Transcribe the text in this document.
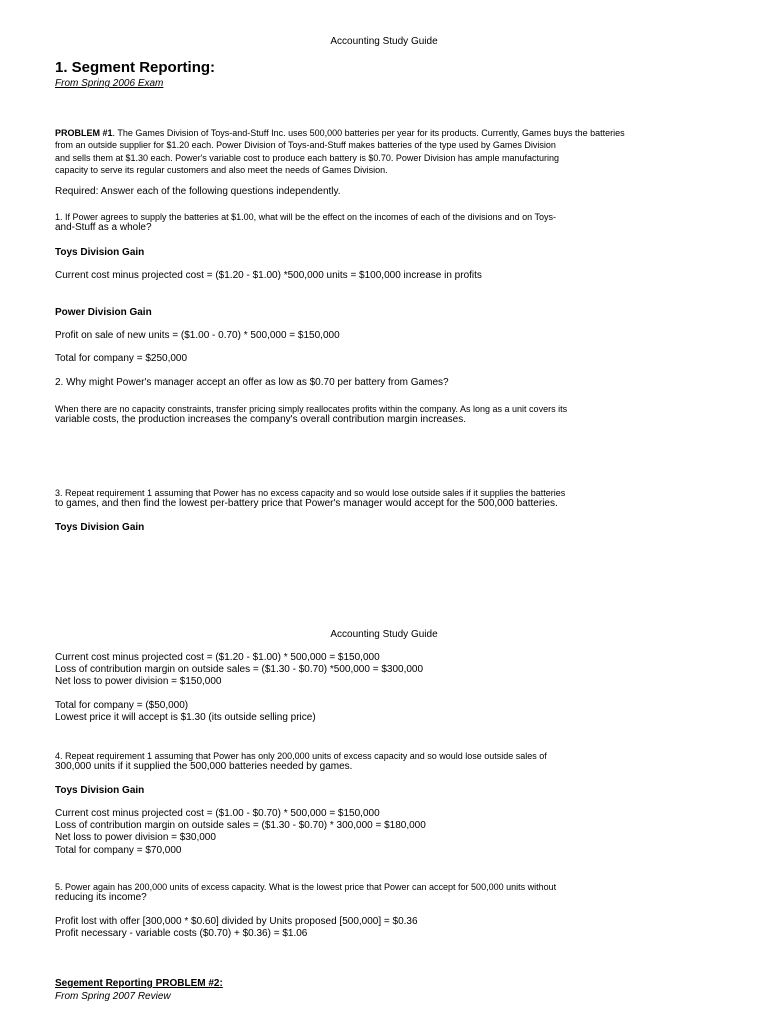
Accounting Study Guide
1. Segment Reporting:
From Spring 2006 Exam
PROBLEM #1. The Games Division of Toys-and-Stuff Inc. uses 500,000 batteries per year for its products. Currently, Games buys the batteries
from an outside supplier for $1.20 each. Power Division of Toys-and-Stuff makes batteries of the type used by Games Division
and sells them at $1.30 each. Power's variable cost to produce each battery is $0.70. Power Division has ample manufacturing
capacity to serve its regular customers and also meet the needs of Games Division.
Required: Answer each of the following questions independently.
1. If Power agrees to supply the batteries at $1.00, what will be the effect on the incomes of each of the divisions and on Toys-
and-Stuff as a whole?
Toys Division Gain
Current cost minus projected cost = ($1.20 - $1.00) *500,000 units = $100,000 increase in profits
Power Division Gain
Profit on sale of new units = ($1.00 - 0.70) * 500,000 = $150,000
Total for company = $250,000
2. Why might Power's manager accept an offer as low as $0.70 per battery from Games?
When there are no capacity constraints, transfer pricing simply reallocates profits within the company. As long as a unit covers its
variable costs, the production increases the company's overall contribution margin increases.
3. Repeat requirement 1 assuming that Power has no excess capacity and so would lose outside sales if it supplies the batteries
to games, and then find the lowest per-battery price that Power's manager would accept for the 500,000 batteries.
Toys Division Gain
Accounting Study Guide
Current cost minus projected cost = ($1.20 - $1.00) * 500,000 = $150,000
Loss of contribution margin on outside sales = ($1.30 - $0.70) *500,000 = $300,000
Net loss to power division = $150,000
Total for company = ($50,000)
Lowest price it will accept is $1.30 (its outside selling price)
4. Repeat requirement 1 assuming that Power has only 200,000 units of excess capacity and so would lose outside sales of
300,000 units if it supplied the 500,000 batteries needed by games.
Toys Division Gain
Current cost minus projected cost = ($1.00 - $0.70) * 500,000 = $150,000
Loss of contribution margin on outside sales = ($1.30 - $0.70) * 300,000 = $180,000
Net loss to power division = $30,000
Total for company = $70,000
5. Power again has 200,000 units of excess capacity. What is the lowest price that Power can accept for 500,000 units without
reducing its income?
Profit lost with offer [300,000 * $0.60] divided by Units proposed [500,000] = $0.36
Profit necessary - variable costs ($0.70) + $0.36) = $1.06
Segement Reporting PROBLEM #2:
From Spring 2007 Review
